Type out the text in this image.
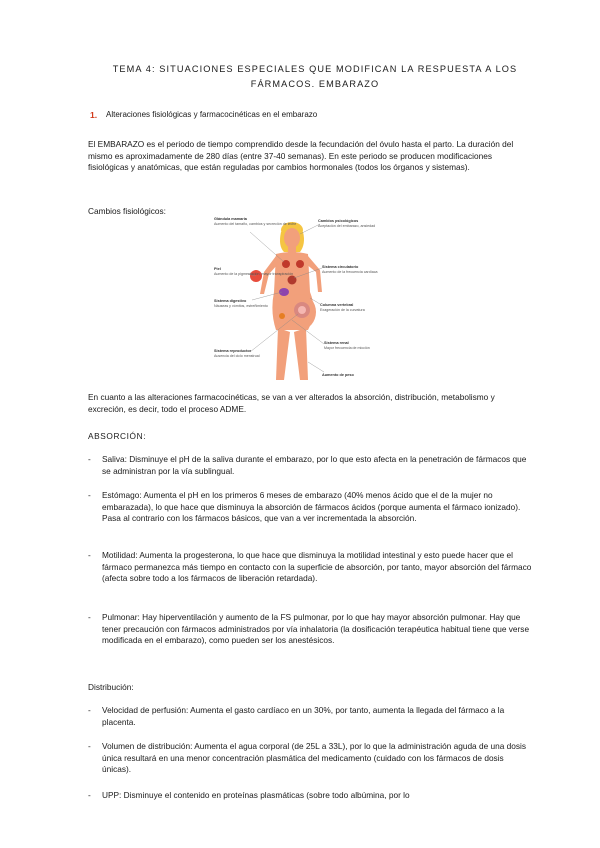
TEMA 4: SITUACIONES ESPECIALES QUE MODIFICAN LA RESPUESTA A LOS
FÁRMACOS. EMBARAZO
1. Alteraciones fisiológicas y farmacocinéticas en el embarazo
El EMBARAZO es el periodo de tiempo comprendido desde la fecundación del óvulo hasta el parto. La duración del mismo es aproximadamente de 280 días (entre 37-40 semanas). En este periodo se producen modificaciones fisiológicas y anatómicas, que están reguladas por cambios hormonales (todos los órganos y sistemas).
Cambios fisiológicos:
Glándula mamaria
Aumento del tamaño, cambios y secreción de leche
Piel
Aumento de la pigmentación, mayor transpiración
Sistema digestivo
Náuseas y vómitos, estreñimiento
Sistema reproductor
Ausencia del ciclo menstrual
Cambios psicológicos
Aceptación del embarazo, ansiedad
Sistema circulatorio
Aumento de la frecuencia cardíaca
Columna vertebral
Exageración de la curvatura
Sistema renal
Mayor frecuencia de micción
Aumento de peso
En cuanto a las alteraciones farmacocinéticas, se van a ver alterados la absorción, distribución, metabolismo y excreción, es decir, todo el proceso ADME.
ABSORCIÓN:
- Saliva: Disminuye el pH de la saliva durante el embarazo, por lo que esto afecta en la penetración de fármacos que se administran por la vía sublingual.
- Estómago: Aumenta el pH en los primeros 6 meses de embarazo (40% menos ácido que el de la mujer no embarazada), lo que hace que disminuya la absorción de fármacos ácidos (porque aumenta el fármaco ionizado). Pasa al contrario con los fármacos básicos, que van a ver incrementada la absorción.
- Motilidad: Aumenta la progesterona, lo que hace que disminuya la motilidad intestinal y esto puede hacer que el fármaco permanezca más tiempo en contacto con la superficie de absorción, por tanto, mayor absorción del fármaco (afecta sobre todo a los fármacos de liberación retardada).
- Pulmonar: Hay hiperventilación y aumento de la FS pulmonar, por lo que hay mayor absorción pulmonar. Hay que tener precaución con fármacos administrados por vía inhalatoria (la dosificación terapéutica habitual tiene que verse modificada en el embarazo), como pueden ser los anestésicos.
Distribución:
- Velocidad de perfusión: Aumenta el gasto cardíaco en un 30%, por tanto, aumenta la llegada del fármaco a la placenta.
- Volumen de distribución: Aumenta el agua corporal (de 25L a 33L), por lo que la administración aguda de una dosis única resultará en una menor concentración plasmática del medicamento (cuidado con los fármacos de dosis únicas).
- UPP: Disminuye el contenido en proteínas plasmáticas (sobre todo albúmina, por lo
